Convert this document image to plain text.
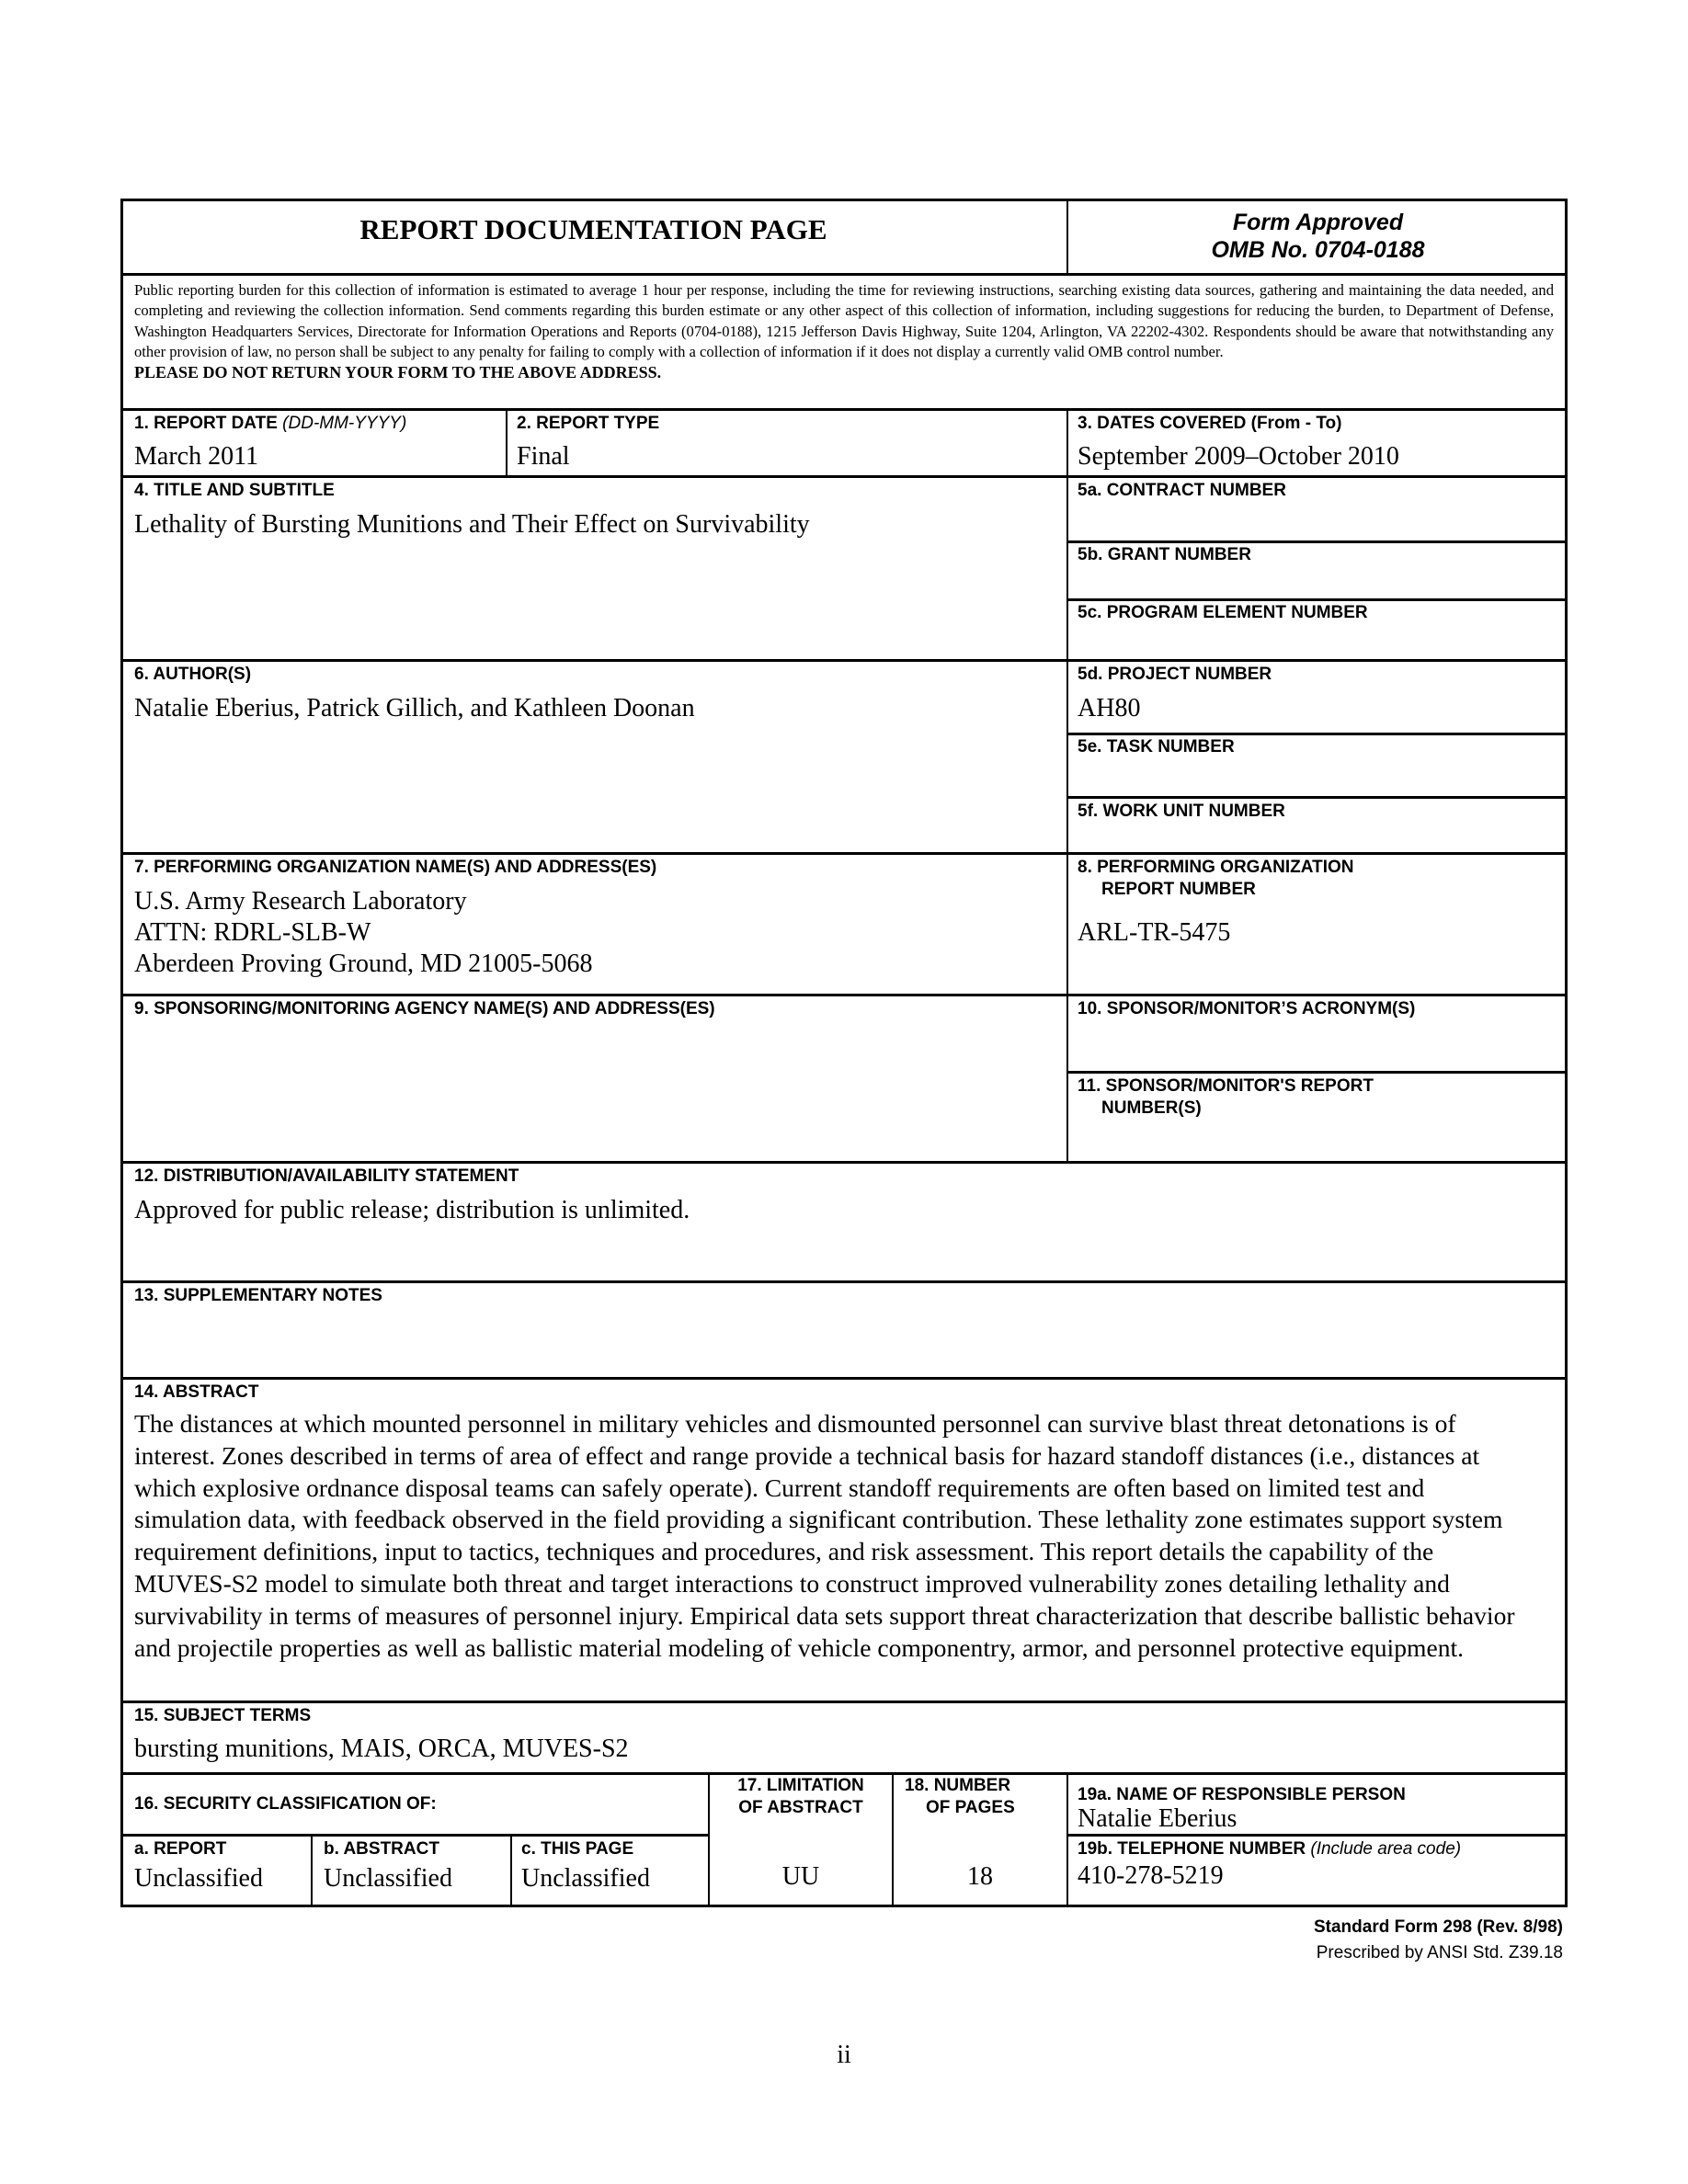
REPORT DOCUMENTATION PAGE	Form Approved
OMB No. 0704-0188
Public reporting burden for this collection of information is estimated to average 1 hour per response, including the time for reviewing instructions, searching existing data sources, gathering and maintaining the data needed, and completing and reviewing the collection information. Send comments regarding this burden estimate or any other aspect of this collection of information, including suggestions for reducing the burden, to Department of Defense, Washington Headquarters Services, Directorate for Information Operations and Reports (0704-0188), 1215 Jefferson Davis Highway, Suite 1204, Arlington, VA 22202-4302. Respondents should be aware that notwithstanding any other provision of law, no person shall be subject to any penalty for failing to comply with a collection of information if it does not display a currently valid OMB control number.
PLEASE DO NOT RETURN YOUR FORM TO THE ABOVE ADDRESS.
1. REPORT DATE (DD-MM-YYYY)
March 2011
2. REPORT TYPE
Final
3. DATES COVERED (From - To)
September 2009–October 2010
4. TITLE AND SUBTITLE
Lethality of Bursting Munitions and Their Effect on Survivability
5a. CONTRACT NUMBER
5b. GRANT NUMBER
5c. PROGRAM ELEMENT NUMBER
6. AUTHOR(S)
Natalie Eberius, Patrick Gillich, and Kathleen Doonan
5d. PROJECT NUMBER
AH80
5e. TASK NUMBER
5f. WORK UNIT NUMBER
7. PERFORMING ORGANIZATION NAME(S) AND ADDRESS(ES)
U.S. Army Research Laboratory
ATTN: RDRL-SLB-W
Aberdeen Proving Ground, MD 21005-5068
8. PERFORMING ORGANIZATION
REPORT NUMBER
ARL-TR-5475
9. SPONSORING/MONITORING AGENCY NAME(S) AND ADDRESS(ES)	10. SPONSOR/MONITOR’S ACRONYM(S)
11. SPONSOR/MONITOR'S REPORT
NUMBER(S)
12. DISTRIBUTION/AVAILABILITY STATEMENT
Approved for public release; distribution is unlimited.
13. SUPPLEMENTARY NOTES
14. ABSTRACT
The distances at which mounted personnel in military vehicles and dismounted personnel can survive blast threat detonations is of interest. Zones described in terms of area of effect and range provide a technical basis for hazard standoff distances (i.e., distances at which explosive ordnance disposal teams can safely operate). Current standoff requirements are often based on limited test and simulation data, with feedback observed in the field providing a significant contribution. These lethality zone estimates support system requirement definitions, input to tactics, techniques and procedures, and risk assessment. This report details the capability of the MUVES-S2 model to simulate both threat and target interactions to construct improved vulnerability zones detailing lethality and survivability in terms of measures of personnel injury. Empirical data sets support threat characterization that describe ballistic behavior and projectile properties as well as ballistic material modeling of vehicle componentry, armor, and personnel protective equipment.
15. SUBJECT TERMS
bursting munitions, MAIS, ORCA, MUVES-S2
16. SECURITY CLASSIFICATION OF:
a. REPORT
Unclassified
b. ABSTRACT
Unclassified
c. THIS PAGE
Unclassified
17. LIMITATION
OF ABSTRACT
UU
18. NUMBER
OF PAGES
18
19a. NAME OF RESPONSIBLE PERSON
Natalie Eberius
19b. TELEPHONE NUMBER (Include area code)
410-278-5219
Standard Form 298 (Rev. 8/98)
Prescribed by ANSI Std. Z39.18
ii
